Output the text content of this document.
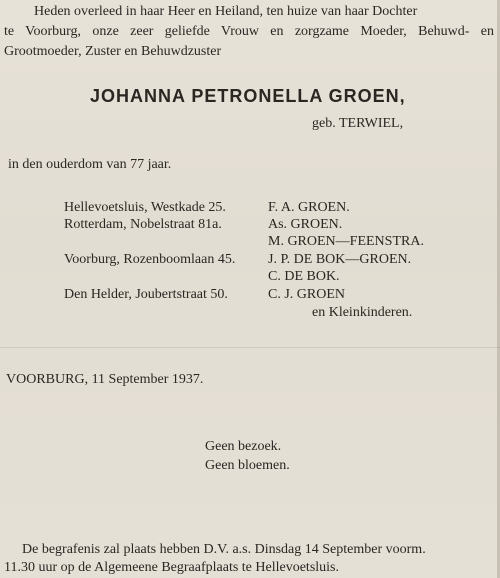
Heden overleed in haar Heer en Heiland, ten huize van haar Dochter
te Voorburg, onze zeer geliefde Vrouw en zorgzame Moeder, Behuwd- en
Grootmoeder, Zuster en Behuwdzuster
JOHANNA PETRONELLA GROEN,
geb. TERWIEL,
in den ouderdom van 77 jaar.
Hellevoetsluis, Westkade 25.	F. A. GROEN.
Rotterdam, Nobelstraat 81a.	As. GROEN.
M. GROEN—FEENSTRA.
Voorburg, Rozenboomlaan 45. J. P. DE BOK—GROEN.
C. DE BOK.
Den Helder, Joubertstraat 50.	C. J. GROEN
en Kleinkinderen.
VOORBURG, 11 September 1937.
Geen bezoek.
Geen bloemen.
De begrafenis zal plaats hebben D.V. a.s. Dinsdag 14 September voorm.
11.30 uur op de Algemeene Begraafplaats te Hellevoetsluis.
